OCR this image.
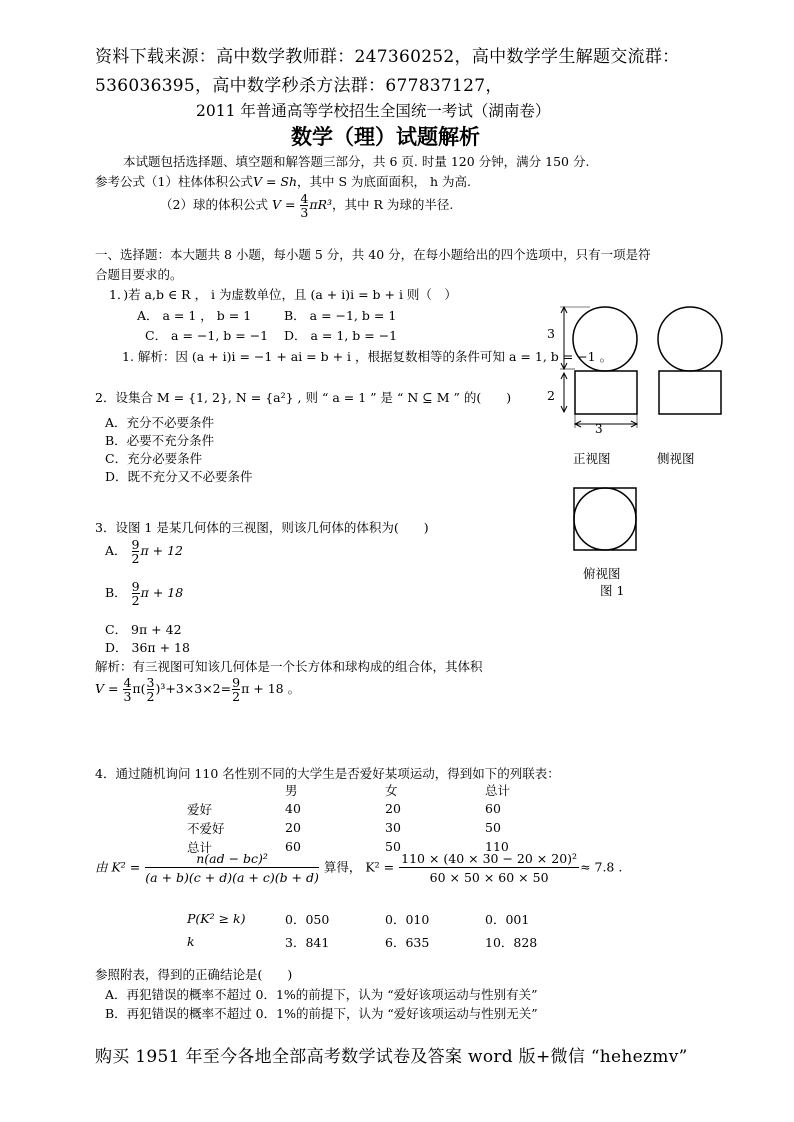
资料下载来源：高中数学教师群：247360252，高中数学学生解题交流群：
536036395，高中数学秒杀方法群：677837127，
2011 年普通高等学校招生全国统一考试（湖南卷）
数学（理）试题解析
本试题包括选择题、填空题和解答题三部分，共 6 页. 时量 120 分钟，满分 150 分.
参考公式（1）柱体体积公式V = Sh，其中 S 为底面面积， h 为高.
（2）球的体积公式 $V = \frac{4}{3} \pi R^3$，其中 R 为球的半径.
一、选择题：本大题共 8 小题，每小题 5 分，共 40 分，在每小题给出的四个选项中，只有一项是符
合题目要求的。
1．)若 a,b ∈ R ， i 为虚数单位，且 (a + i)i = b + i 则（　）
A． a = 1 ， b = 1	B． a = −1, b = 1
C． a = −1, b = −1 D． a = 1, b = −1
1. 解析：因 (a + i)i = −1 + ai = b + i ，根据复数相等的条件可知 a = 1, b = −1 。
2．设集合 M = {1, 2}, N = {a²} , 则 “ a = 1 ” 是 “ N ⊆ M ” 的(　　)
A．充分不必要条件
B．必要不充分条件
C．充分必要条件
D．既不充分又不必要条件
3
2
3
正视图	侧视图
俯视图
图 1
3．设图 1 是某几何体的三视图，则该几何体的体积为(　　)
A． $\frac{9}{2}$ π + 12
B． $\frac{9}{2}$ π + 18
C． 9π + 42
D． 36π + 18
解析：有三视图可知该几何体是一个长方体和球构成的组合体，其体积
$V = \frac{4}{3} \pi( \frac{3}{2} )^3+3\times 3\times 2= \frac{9}{2}$ π + 18 。
4．通过随机询问 110 名性别不同的大学生是否爱好某项运动，得到如下的列联表：
	男	女	总计
爱好	40	20	60
不爱好	20	30	50
总计	60	50	110
由 $K^2 = \frac{\text{n(ad − bc)²}}{(a + b)(c + d)(a + c)(b + d)}$ 算得， $K^2 = \frac{\text{110 × (40 × 30 − 20 × 20)²}}{60 \times 50 \times 60 \times 50} \approx 7.8$ .
P(K² ≥ k)	0．050	0．010	0．001
k	3．841	6．635	10．828
参照附表，得到的正确结论是(　　)
A．再犯错误的概率不超过 0．1%的前提下，认为 “爱好该项运动与性别有关”
B．再犯错误的概率不超过 0．1%的前提下，认为 “爱好该项运动与性别无关”
购买 1951 年至今各地全部高考数学试卷及答案 word 版+微信 “hehezmv”
